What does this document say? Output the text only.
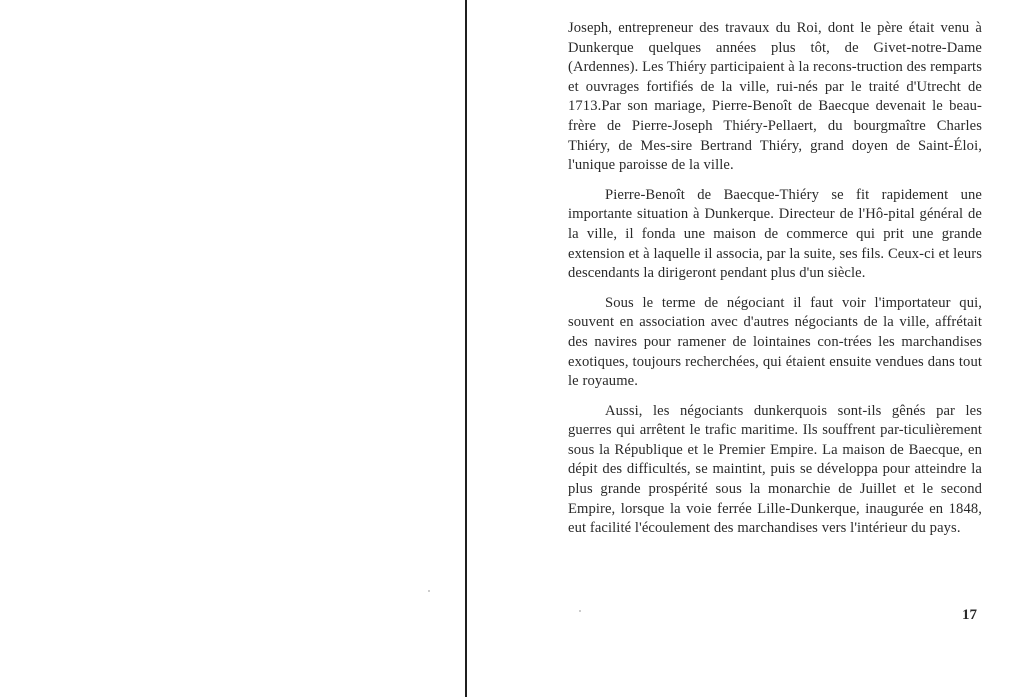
Joseph, entrepreneur des travaux du Roi, dont le père était venu à Dunkerque quelques années plus tôt, de Givet-notre-Dame (Ardennes). Les Thiéry participaient à la recons-truction des remparts et ouvrages fortifiés de la ville, rui-nés par le traité d'Utrecht de 1713.Par son mariage, Pierre-Benoît de Baecque devenait le beau-frère de Pierre-Joseph Thiéry-Pellaert, du bourgmaître Charles Thiéry, de Mes-sire Bertrand Thiéry, grand doyen de Saint-Éloi, l'unique paroisse de la ville.

Pierre-Benoît de Baecque-Thiéry se fit rapidement une importante situation à Dunkerque. Directeur de l'Hô-pital général de la ville, il fonda une maison de commerce qui prit une grande extension et à laquelle il associa, par la suite, ses fils. Ceux-ci et leurs descendants la dirigeront pendant plus d'un siècle.

Sous le terme de négociant il faut voir l'importateur qui, souvent en association avec d'autres négociants de la ville, affrétait des navires pour ramener de lointaines con-trées les marchandises exotiques, toujours recherchées, qui étaient ensuite vendues dans tout le royaume.

Aussi, les négociants dunkerquois sont-ils gênés par les guerres qui arrêtent le trafic maritime. Ils souffrent par-ticulièrement sous la République et le Premier Empire. La maison de Baecque, en dépit des difficultés, se maintint, puis se développa pour atteindre la plus grande prospérité sous la monarchie de Juillet et le second Empire, lorsque la voie ferrée Lille-Dunkerque, inaugurée en 1848, eut facilité l'écoulement des marchandises vers l'intérieur du pays.

17
